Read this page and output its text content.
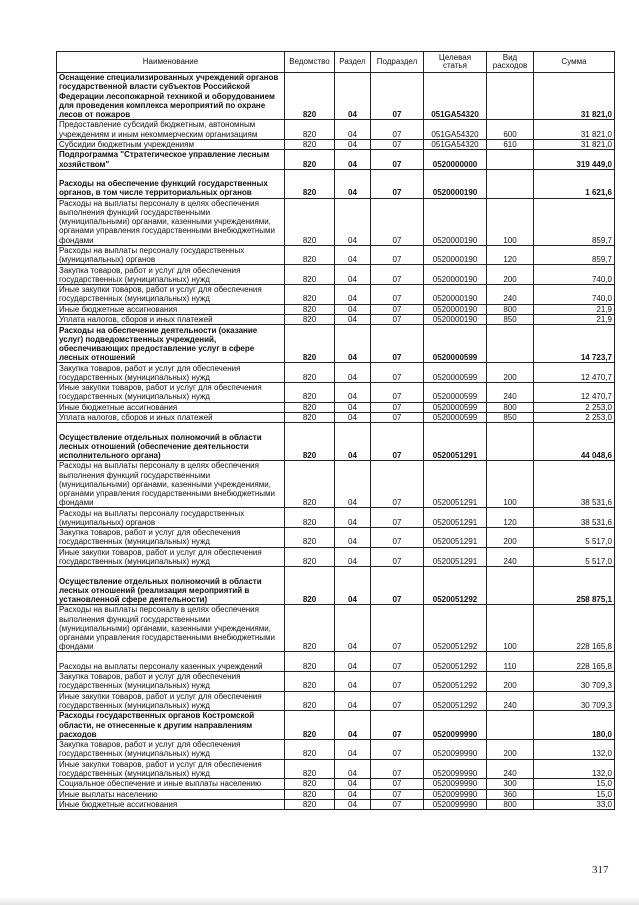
Наименование	Ведомство	Раздел	Подраздел	Целевая статья	Вид расходов	Сумма
Оснащение специализированных учреждений органов государственной власти субъектов Российской Федерации лесопожарной техникой и оборудованием для проведения комплекса мероприятий по охране лесов от пожаров	820	04	07	051GA54320		31 821,0
Предоставление субсидий бюджетным, автономным учреждениям и иным некоммерческим организациям	820	04	07	051GA54320	600	31 821,0
Субсидии бюджетным учреждениям	820	04	07	051GA54320	610	31 821,0
Подпрограмма "Стратегическое управление лесным хозяйством"	820	04	07	0520000000		319 449,0
Расходы на обеспечение функций государственных органов, в том числе территориальных органов	820	04	07	0520000190		1 621,6
Расходы на выплаты персоналу в целях обеспечения выполнения функций государственными (муниципальными) органами, казенными учреждениями, органами управления государственными внебюджетными фондами	820	04	07	0520000190	100	859,7
Расходы на выплаты персоналу государственных (муниципальных) органов	820	04	07	0520000190	120	859,7
Закупка товаров, работ и услуг для обеспечения государственных (муниципальных) нужд	820	04	07	0520000190	200	740,0
Иные закупки товаров, работ и услуг для обеспечения государственных (муниципальных) нужд	820	04	07	0520000190	240	740,0
Иные бюджетные ассигнования	820	04	07	0520000190	800	21,9
Уплата налогов, сборов и иных платежей	820	04	07	0520000190	850	21,9
Расходы на обеспечение деятельности (оказание услуг) подведомственных учреждений, обеспечивающих предоставление услуг в сфере лесных отношений	820	04	07	0520000599		14 723,7
Закупка товаров, работ и услуг для обеспечения государственных (муниципальных) нужд	820	04	07	0520000599	200	12 470,7
Иные закупки товаров, работ и услуг для обеспечения государственных (муниципальных) нужд	820	04	07	0520000599	240	12 470,7
Иные бюджетные ассигнования	820	04	07	0520000599	800	2 253,0
Уплата налогов, сборов и иных платежей	820	04	07	0520000599	850	2 253,0
Осуществление отдельных полномочий в области лесных отношений (обеспечение деятельности исполнительного органа)	820	04	07	0520051291		44 048,6
Расходы на выплаты персоналу в целях обеспечения выполнения функций государственными (муниципальными) органами, казенными учреждениями, органами управления государственными внебюджетными фондами	820	04	07	0520051291	100	38 531,6
Расходы на выплаты персоналу государственных (муниципальных) органов	820	04	07	0520051291	120	38 531,6
Закупка товаров, работ и услуг для обеспечения государственных (муниципальных) нужд	820	04	07	0520051291	200	5 517,0
Иные закупки товаров, работ и услуг для обеспечения государственных (муниципальных) нужд	820	04	07	0520051291	240	5 517,0
Осуществление отдельных полномочий в области лесных отношений (реализация мероприятий в установленной сфере деятельности)	820	04	07	0520051292		258 875,1
Расходы на выплаты персоналу в целях обеспечения выполнения функций государственными (муниципальными) органами, казенными учреждениями, органами управления государственными внебюджетными фондами	820	04	07	0520051292	100	228 165,8
Расходы на выплаты персоналу казенных учреждений	820	04	07	0520051292	110	228 165,8
Закупка товаров, работ и услуг для обеспечения государственных (муниципальных) нужд	820	04	07	0520051292	200	30 709,3
Иные закупки товаров, работ и услуг для обеспечения государственных (муниципальных) нужд	820	04	07	0520051292	240	30 709,3
Расходы государственных органов Костромской области, не отнесенные к другим направлениям расходов	820	04	07	0520099990		180,0
Закупка товаров, работ и услуг для обеспечения государственных (муниципальных) нужд	820	04	07	0520099990	200	132,0
Иные закупки товаров, работ и услуг для обеспечения государственных (муниципальных) нужд	820	04	07	0520099990	240	132,0
Социальное обеспечение и иные выплаты населению	820	04	07	0520099990	300	15,0
Иные выплаты населению	820	04	07	0520099990	360	15,0
Иные бюджетные ассигнования	820	04	07	0520099990	800	33,0
317
